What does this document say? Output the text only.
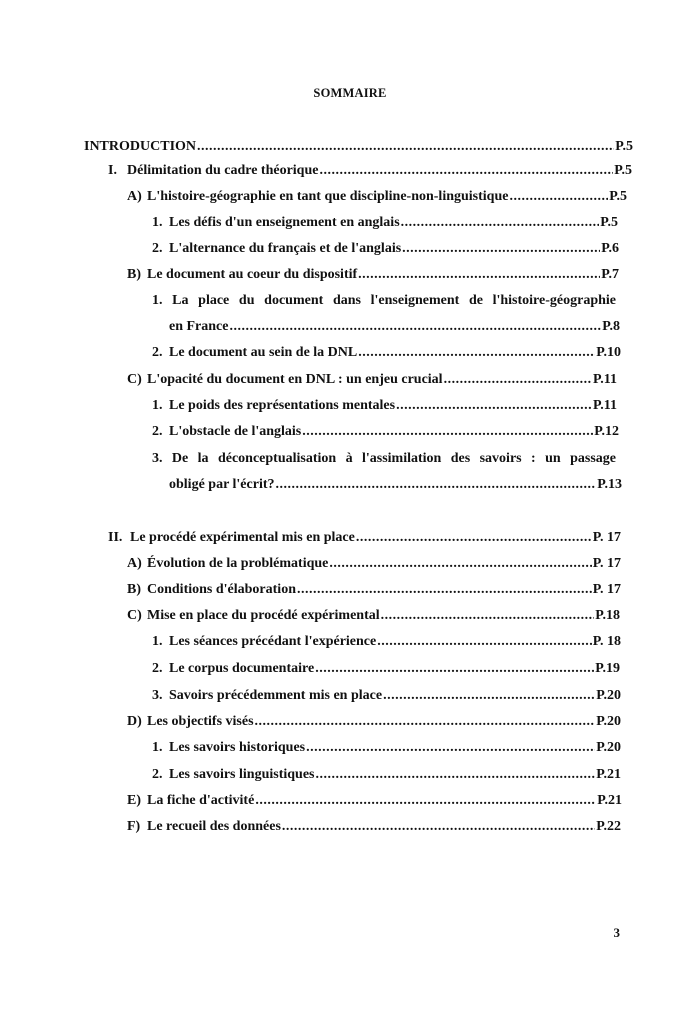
SOMMAIRE
INTRODUCTION .....	P.5
I. Délimitation du cadre théorique .....	P.5
A) L'histoire-géographie en tant que discipline-non-linguistique .....	P.5
1. Les défis d'un enseignement en anglais .....	P.5
2. L'alternance du français et de l'anglais .....	P.6
B) Le document au coeur du dispositif .....	P.7
1. La place du document dans l'enseignement de l'histoire-géographie
en France .....	P.8
2. Le document au sein de la DNL .....	P.10
C) L'opacité du document en DNL : un enjeu crucial .....	P.11
1. Le poids des représentations mentales .....	P.11
2. L'obstacle de l'anglais .....	P.12
3. De la déconceptualisation à l'assimilation des savoirs : un passage
obligé par l'écrit? .....	P.13
II. Le procédé expérimental mis en place .....	P. 17
A) Évolution de la problématique .....	P. 17
B) Conditions d'élaboration .....	P. 17
C) Mise en place du procédé expérimental .....	P.18
1. Les séances précédant l'expérience .....	P. 18
2. Le corpus documentaire .....	P.19
3. Savoirs précédemment mis en place .....	P.20
D) Les objectifs visés .....	P.20
1. Les savoirs historiques .....	P.20
2. Les savoirs linguistiques .....	P.21
E) La fiche d'activité .....	P.21
F) Le recueil des données .....	P.22
3
